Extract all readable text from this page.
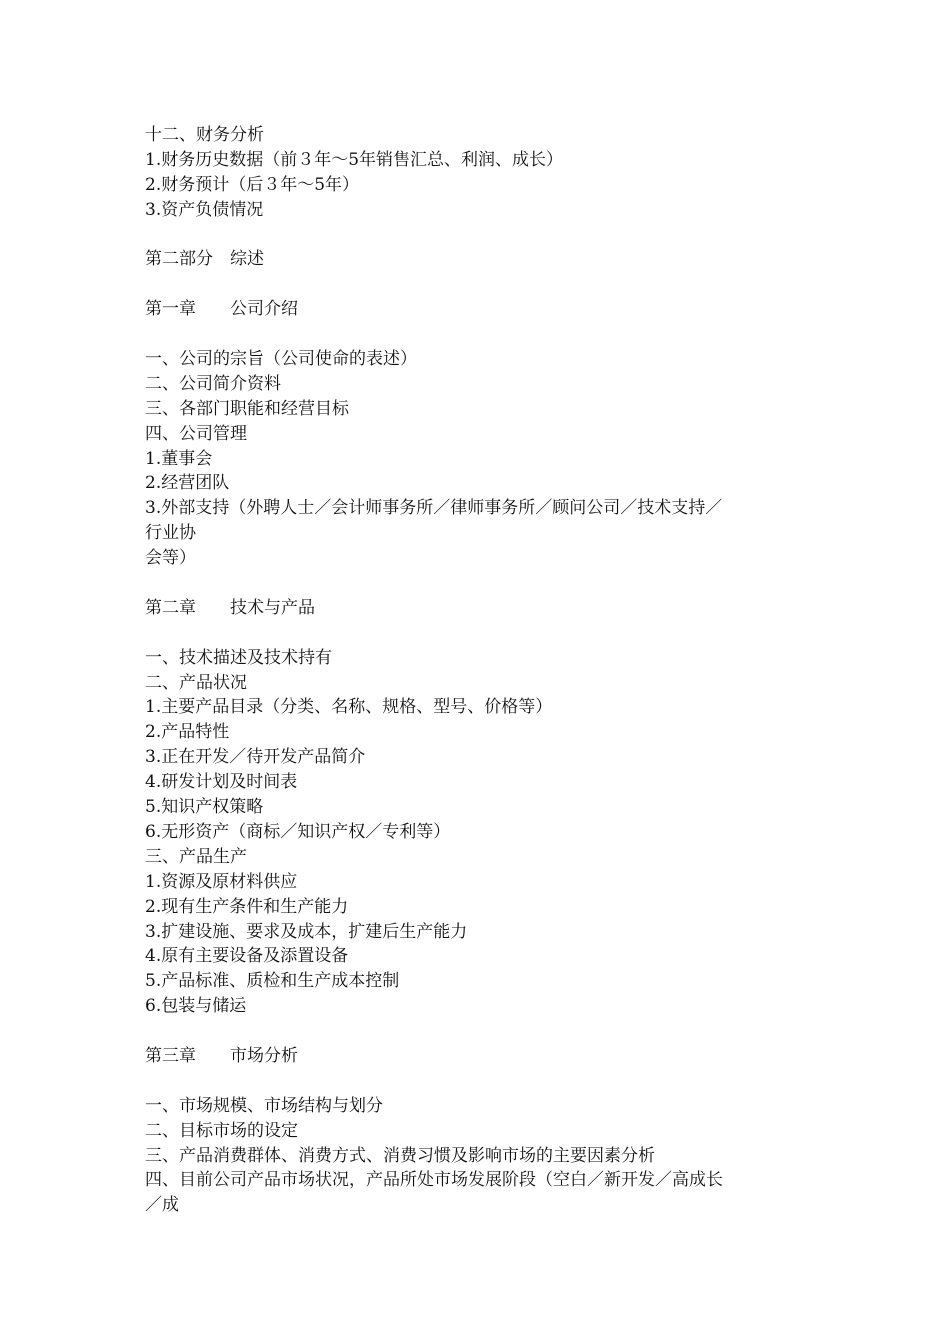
十二、财务分析

1.财务历史数据（前３年～5年销售汇总、利润、成长）

2.财务预计（后３年～5年）

3.资产负债情况

第二部分　综述

第一章　　公司介绍

一、公司的宗旨（公司使命的表述）

二、公司简介资料

三、各部门职能和经营目标

四、公司管理

1.董事会

2.经营团队

3.外部支持（外聘人士／会计师事务所／律师事务所／顾问公司／技术支持／

行业协

会等）

第二章　　技术与产品

一、技术描述及技术持有

二、产品状况

1.主要产品目录（分类、名称、规格、型号、价格等）

2.产品特性

3.正在开发／待开发产品简介

4.研发计划及时间表

5.知识产权策略

6.无形资产（商标／知识产权／专利等）

三、产品生产

1.资源及原材料供应

2.现有生产条件和生产能力

3.扩建设施、要求及成本，扩建后生产能力

4.原有主要设备及添置设备

5.产品标准、质检和生产成本控制

6.包装与储运

第三章　　市场分析

一、市场规模、市场结构与划分

二、目标市场的设定

三、产品消费群体、消费方式、消费习惯及影响市场的主要因素分析

四、目前公司产品市场状况，产品所处市场发展阶段（空白／新开发／高成长

／成
